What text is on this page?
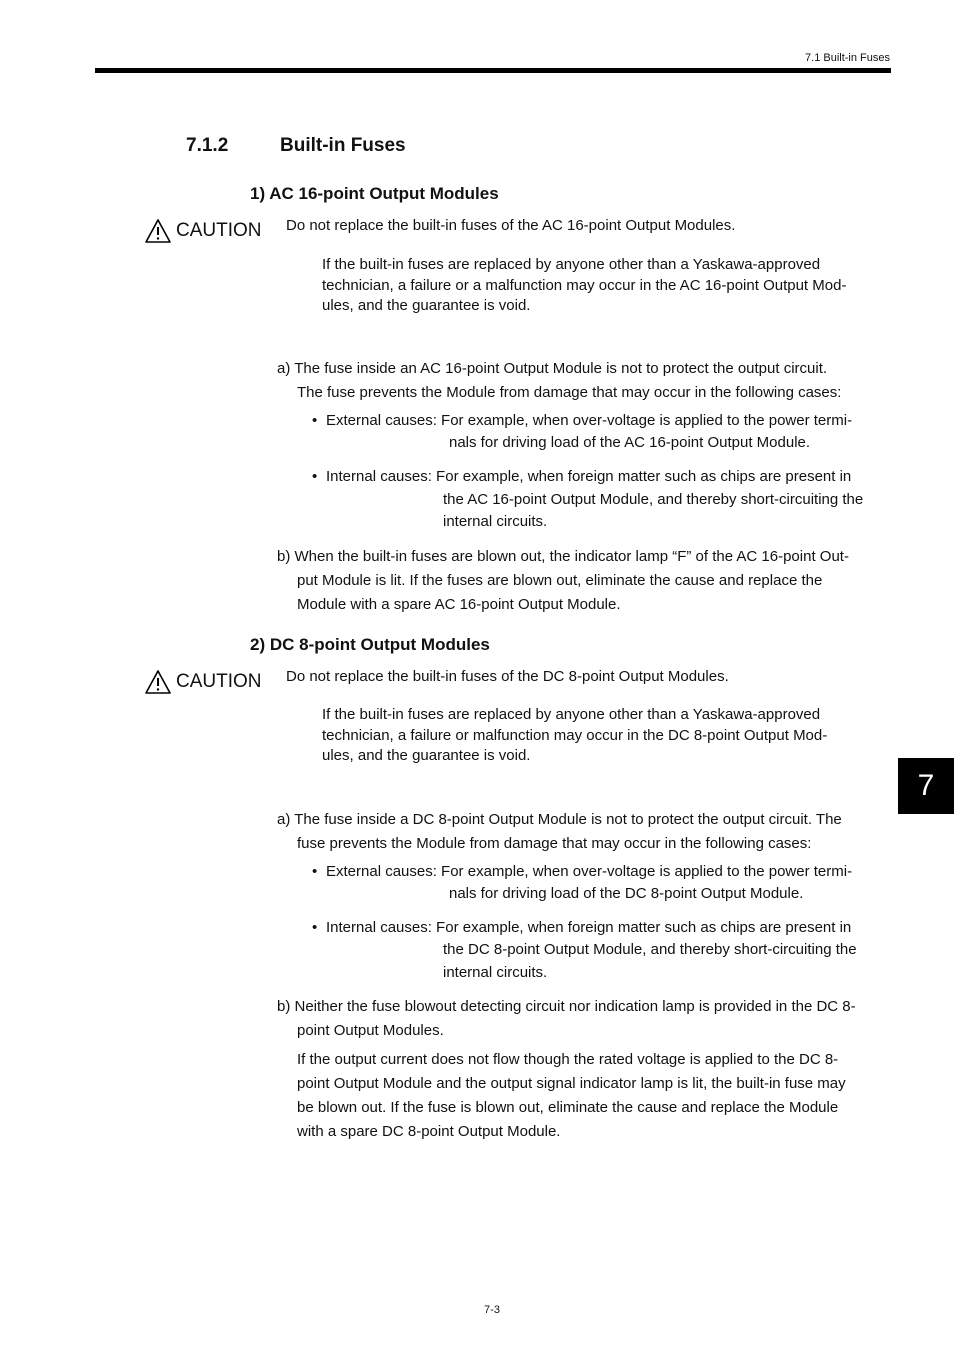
7.1 Built-in Fuses
7
7.1.2	Built-in Fuses
1) AC 16-point Output Modules
CAUTION Do not replace the built-in fuses of the AC 16-point Output Modules.
If the built-in fuses are replaced by anyone other than a Yaskawa-approved
technician, a failure or a malfunction may occur in the AC 16-point Output Mod-
ules, and the guarantee is void.
a) The fuse inside an AC 16-point Output Module is not to protect the output circuit.
The fuse prevents the Module from damage that may occur in the following cases:
• External causes: For example, when over-voltage is applied to the power termi-
nals for driving load of the AC 16-point Output Module.
• Internal causes: For example, when foreign matter such as chips are present in
the AC 16-point Output Module, and thereby short-circuiting the
internal circuits.
b) When the built-in fuses are blown out, the indicator lamp “F” of the AC 16-point Out-
put Module is lit. If the fuses are blown out, eliminate the cause and replace the
Module with a spare AC 16-point Output Module.
2) DC 8-point Output Modules
CAUTION Do not replace the built-in fuses of the DC 8-point Output Modules.
If the built-in fuses are replaced by anyone other than a Yaskawa-approved
technician, a failure or malfunction may occur in the DC 8-point Output Mod-
ules, and the guarantee is void.
a) The fuse inside a DC 8-point Output Module is not to protect the output circuit. The
fuse prevents the Module from damage that may occur in the following cases:
• External causes: For example, when over-voltage is applied to the power termi-
nals for driving load of the DC 8-point Output Module.
• Internal causes: For example, when foreign matter such as chips are present in
the DC 8-point Output Module, and thereby short-circuiting the
internal circuits.
b) Neither the fuse blowout detecting circuit nor indication lamp is provided in the DC 8-
point Output Modules.
If the output current does not flow though the rated voltage is applied to the DC 8-
point Output Module and the output signal indicator lamp is lit, the built-in fuse may
be blown out. If the fuse is blown out, eliminate the cause and replace the Module
with a spare DC 8-point Output Module.
7-3
